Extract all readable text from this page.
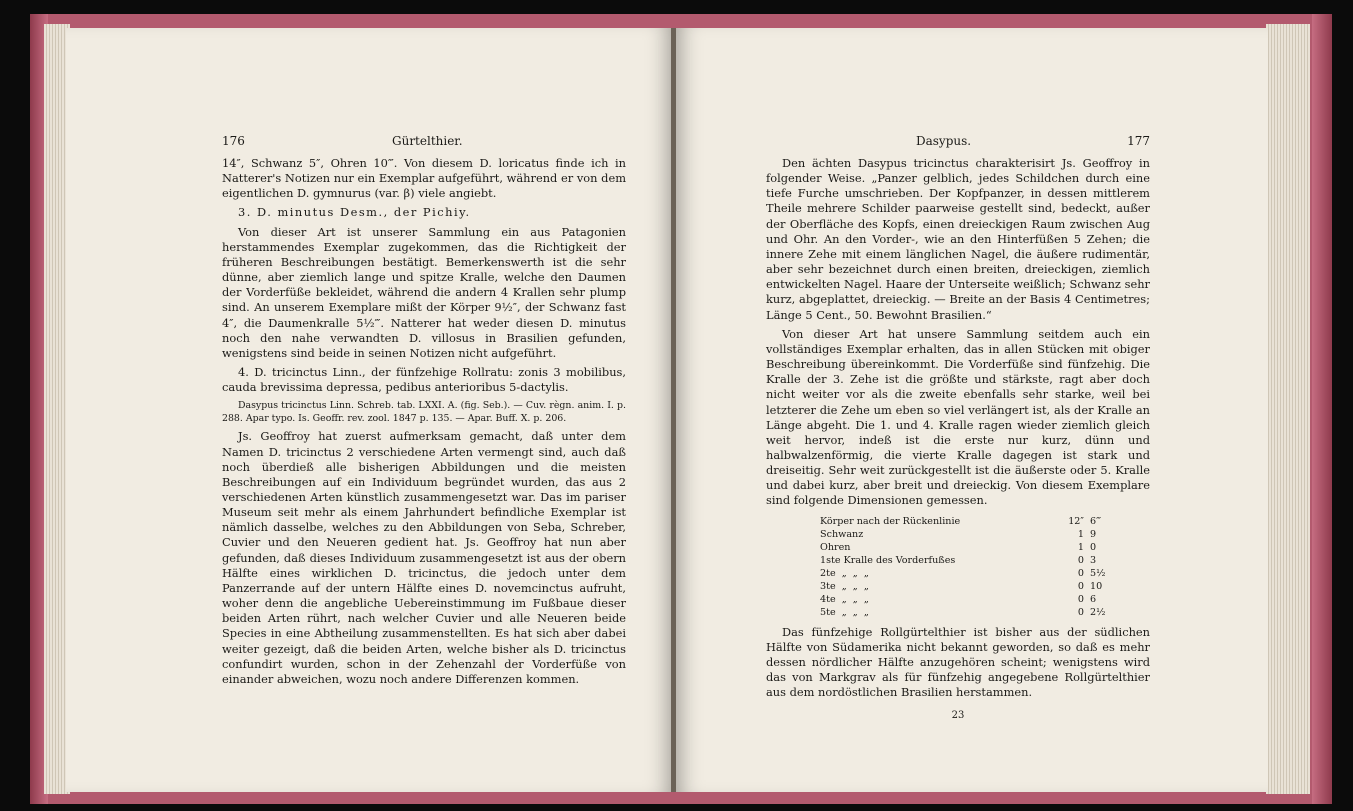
176	Gürtelthier.

14″, Schwanz 5″, Ohren 10‴. Von diesem D. loricatus finde ich in Natterer's Notizen nur ein Exemplar aufgeführt, während er von dem eigentlichen D. gymnurus (var. β) viele angiebt.

3. D. minutus Desm., der Pichiy.

Von dieser Art ist unserer Sammlung ein aus Patagonien herstammendes Exemplar zugekommen, das die Richtigkeit der früheren Beschreibungen bestätigt. Bemerkenswerth ist die sehr dünne, aber ziemlich lange und spitze Kralle, welche den Daumen der Vorderfüße bekleidet, während die andern 4 Krallen sehr plump sind. An unserem Exemplare mißt der Körper 9½″, der Schwanz fast 4″, die Daumenkralle 5½‴. Natterer hat weder diesen D. minutus noch den nahe verwandten D. villosus in Brasilien gefunden, wenigstens sind beide in seinen Notizen nicht aufgeführt.

4. D. tricinctus Linn., der fünfzehige Rollratu: zonis 3 mobilibus, cauda brevissima depressa, pedibus anterioribus 5-dactylis.

Dasypus tricinctus Linn. Schreb. tab. LXXI. A. (fig. Seb.). — Cuv. règn. anim. I. p. 288. Apar typo. Is. Geoffr. rev. zool. 1847 p. 135. — Apar. Buff. X. p. 206.

Js. Geoffroy hat zuerst aufmerksam gemacht, daß unter dem Namen D. tricinctus 2 verschiedene Arten vermengt sind, auch daß noch überdieß alle bisherigen Abbildungen und die meisten Beschreibungen auf ein Individuum begründet wurden, das aus 2 verschiedenen Arten künstlich zusammengesetzt war. Das im pariser Museum seit mehr als einem Jahrhundert befindliche Exemplar ist nämlich dasselbe, welches zu den Abbildungen von Seba, Schreber, Cuvier und den Neueren gedient hat. Js. Geoffroy hat nun aber gefunden, daß dieses Individuum zusammengesetzt ist aus der obern Hälfte eines wirklichen D. tricinctus, die jedoch unter dem Panzerrande auf der untern Hälfte eines D. novemcinctus aufruht, woher denn die angebliche Uebereinstimmung im Fußbaue dieser beiden Arten rührt, nach welcher Cuvier und alle Neueren beide Species in eine Abtheilung zusammenstellten. Es hat sich aber dabei weiter gezeigt, daß die beiden Arten, welche bisher als D. tricinctus confundirt wurden, schon in der Zehenzahl der Vorderfüße von einander abweichen, wozu noch andere Differenzen kommen.

Dasypus.	177

Den ächten Dasypus tricinctus charakterisirt Js. Geoffroy in folgender Weise. „Panzer gelblich, jedes Schildchen durch eine tiefe Furche umschrieben. Der Kopfpanzer, in dessen mittlerem Theile mehrere Schilder paarweise gestellt sind, bedeckt, außer der Oberfläche des Kopfs, einen dreieckigen Raum zwischen Aug und Ohr. An den Vorder-, wie an den Hinterfüßen 5 Zehen; die innere Zehe mit einem länglichen Nagel, die äußere rudimentär, aber sehr bezeichnet durch einen breiten, dreieckigen, ziemlich entwickelten Nagel. Haare der Unterseite weißlich; Schwanz sehr kurz, abgeplattet, dreieckig. — Breite an der Basis 4 Centimetres; Länge 5 Cent., 50. Bewohnt Brasilien.“

Von dieser Art hat unsere Sammlung seitdem auch ein vollständiges Exemplar erhalten, das in allen Stücken mit obiger Beschreibung übereinkommt. Die Vorderfüße sind fünfzehig. Die Kralle der 3. Zehe ist die größte und stärkste, ragt aber doch nicht weiter vor als die zweite ebenfalls sehr starke, weil bei letzterer die Zehe um eben so viel verlängert ist, als der Kralle an Länge abgeht. Die 1. und 4. Kralle ragen wieder ziemlich gleich weit hervor, indeß ist die erste nur kurz, dünn und halbwalzenförmig, die vierte Kralle dagegen ist stark und dreiseitig. Sehr weit zurückgestellt ist die äußerste oder 5. Kralle und dabei kurz, aber breit und dreieckig. Von diesem Exemplare sind folgende Dimensionen gemessen.

Körper nach der Rückenlinie	12″	6‴
Schwanz	1	9
Ohren	1	0
1ste Kralle des Vorderfußes	0	3
2te  „  „  „	0	5½
3te  „  „  „	0	10
4te  „  „  „	0	6
5te  „  „  „	0	2½

Das fünfzehige Rollgürtelthier ist bisher aus der südlichen Hälfte von Südamerika nicht bekannt geworden, so daß es mehr dessen nördlicher Hälfte anzugehören scheint; wenigstens wird das von Markgrav als für fünfzehig angegebene Rollgürtelthier aus dem nordöstlichen Brasilien herstammen.

23
